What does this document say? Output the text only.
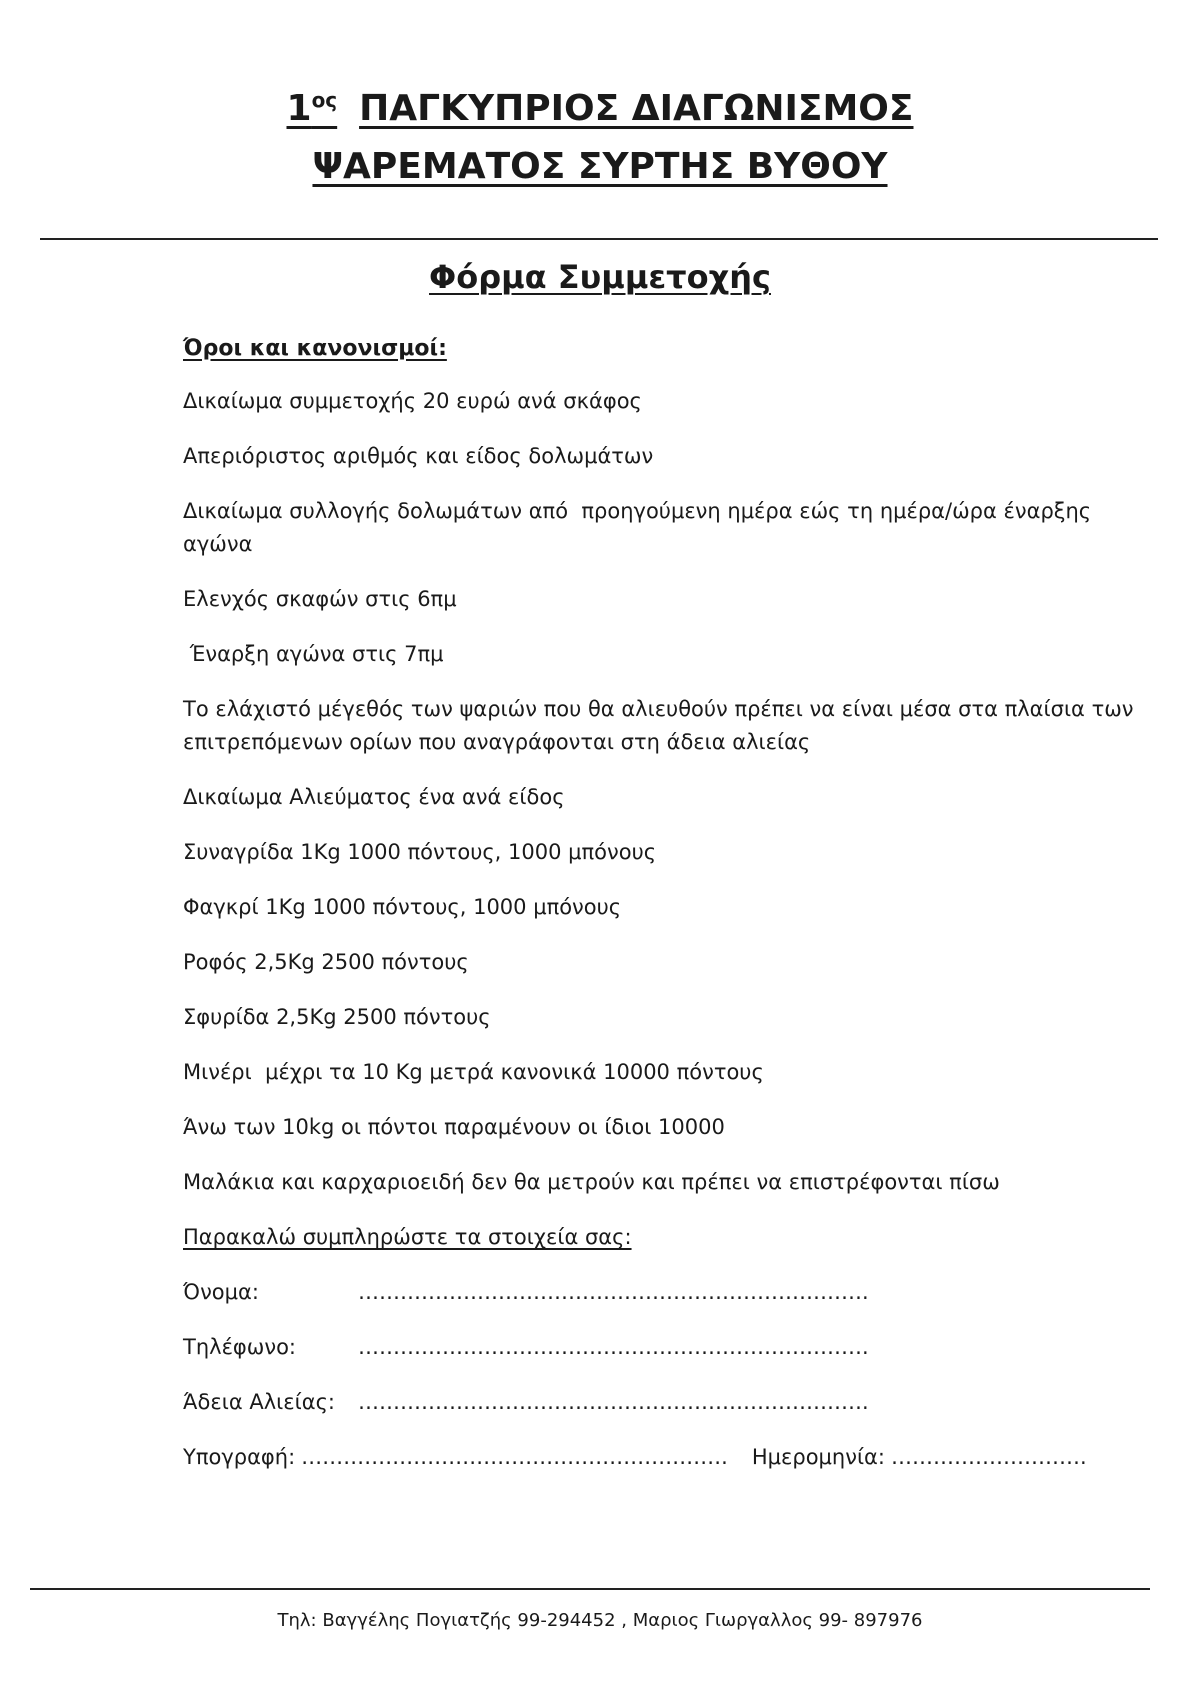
$1^{o\varsigma}$ ΠΑΓΚΥΠΡΙΟΣ ΔΙΑΓΩΝΙΣΜΟΣ
ΨΑΡΕΜΑΤΟΣ ΣΥΡΤΗΣ ΒΥΘΟΥ
Φόρμα Συμμετοχής

Όροι και κανονισμοί:

Δικαίωμα συμμετοχής 20 ευρώ ανά σκάφος

Απεριόριστος αριθμός και είδος δολωμάτων

Δικαίωμα συλλογής δολωμάτων από  προηγούμενη ημέρα εώς τη ημέρα/ώρα έναρξης αγώνα

Ελενχός σκαφών στις 6πμ

Έναρξη αγώνα στις 7πμ

Το ελάχιστό μέγεθός των ψαριών που θα αλιευθούν πρέπει να είναι μέσα στα πλαίσια των επιτρεπόμενων ορίων που αναγράφονται στη άδεια αλιείας

Δικαίωμα Αλιεύματος ένα ανά είδος

Συναγρίδα 1Kg 1000 πόντους, 1000 μπόνους

Φαγκρί 1Kg 1000 πόντους, 1000 μπόνους

Ροφός 2,5Kg 2500 πόντους

Σφυρίδα 2,5Kg 2500 πόντους

Μινέρι  μέχρι τα 10 Kg μετρά κανονικά 10000 πόντους

Άνω των 10kg οι πόντοι παραμένουν οι ίδιοι 10000

Μαλάκια και καρχαριοειδή δεν θα μετρούν και πρέπει να επιστρέφονται πίσω

Παρακαλώ συμπληρώστε τα στοιχεία σας:

Όνομα:	……………………………………………………………….
Τηλέφωνο:	……………………………………………………………….
Άδεια Αλιείας:	……………………………………………………………….
Υπογραφή: ……………………………………………………. Ημερομηνία: ……………………….

Τηλ: Βαγγέλης Πογιατζής 99-294452 , Μαριος Γιωργαλλος 99- 897976
